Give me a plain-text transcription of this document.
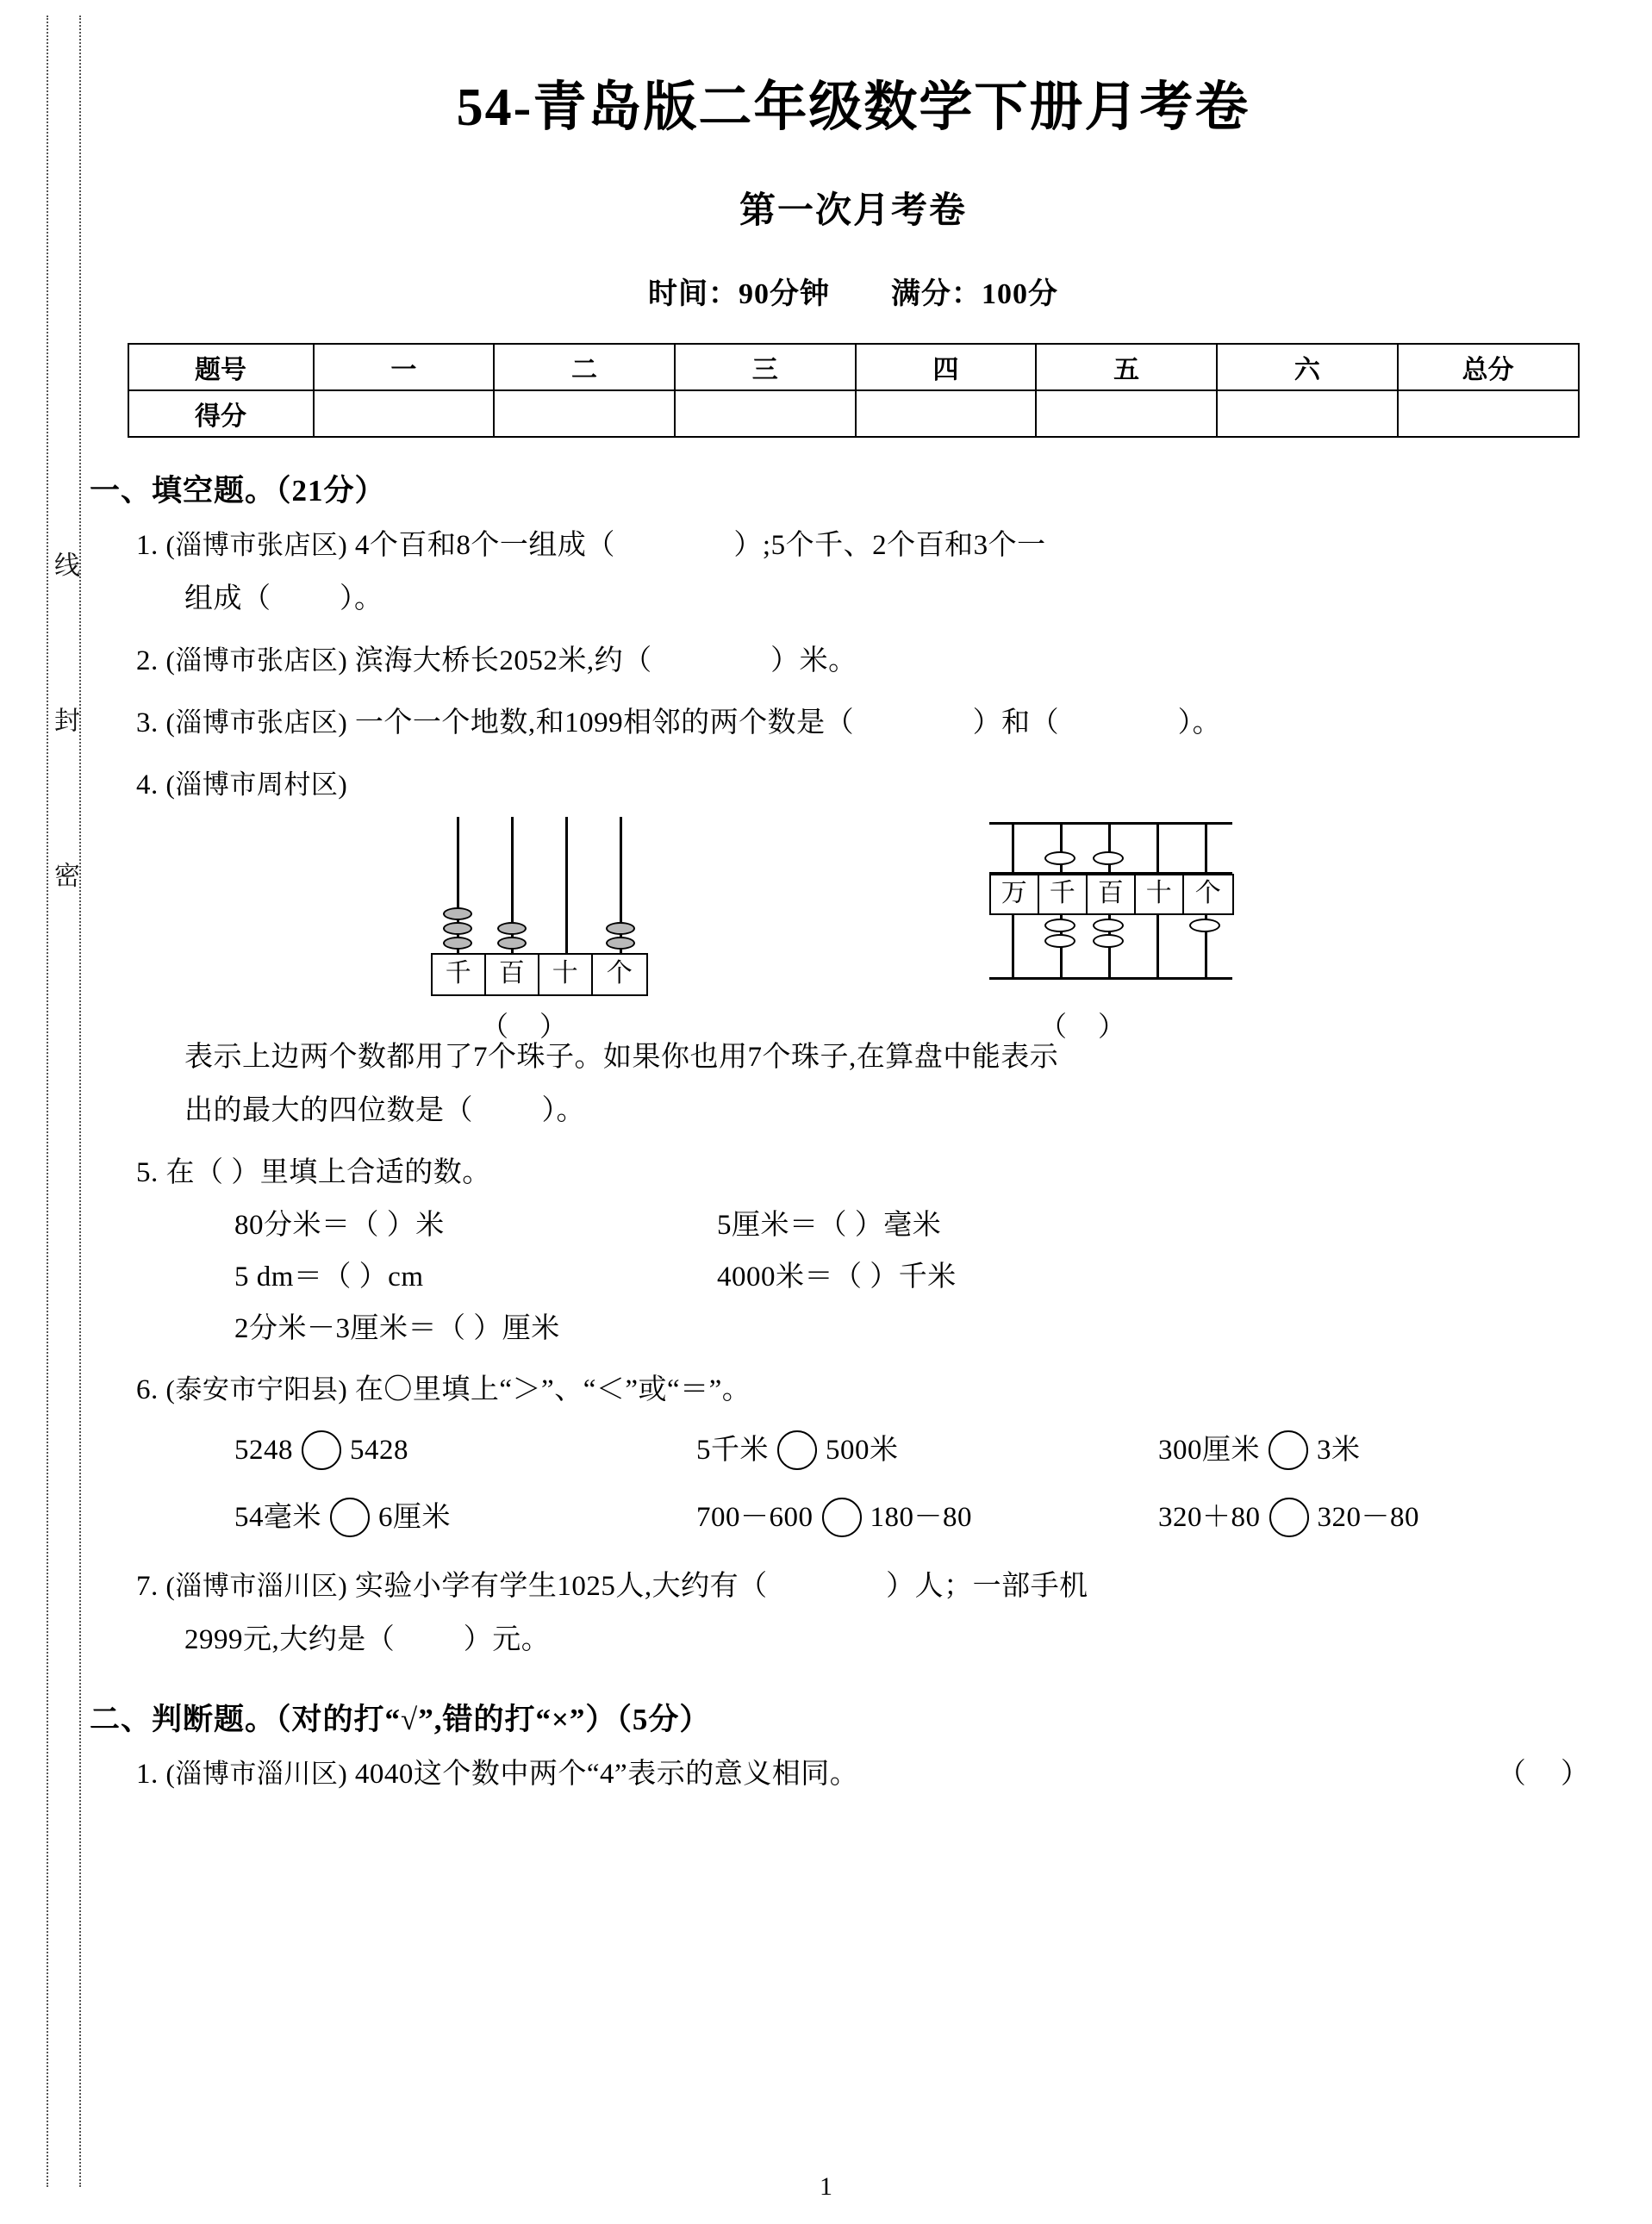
线
封
密
54-青岛版二年级数学下册月考卷
第一次月考卷
时间：90分钟 满分：100分
题号	一	二	三	四	五	六	总分
得分							
一、填空题。（21分）
1. (淄博市张店区) 4个百和8个一组成（	）;5个千、2个百和3个一
组成（ ）。
2. (淄博市张店区) 滨海大桥长2052米,约（	）米。
3. (淄博市张店区) 一个一个地数,和1099相邻的两个数是（	）和（	）。
4. (淄博市周村区)
千	百	十	个
（ ）
万 千 百 十 个
（ ）
表示上边两个数都用了7个珠子。如果你也用7个珠子,在算盘中能表示
出的最大的四位数是（ ）。
5. 在（ ）里填上合适的数。
80分米＝（ ）米	5厘米＝（ ）毫米
5 dm＝（ ）cm	4000米＝（ ）千米
2分米－3厘米＝（ ）厘米
6. (泰安市宁阳县) 在〇里填上“＞”、“＜”或“＝”。
5248 5428	5千米 500米	300厘米 3米
54毫米 6厘米	700－600 180－80	320＋80 320－80
7. (淄博市淄川区) 实验小学有学生1025人,大约有（	）人；一部手机
2999元,大约是（ ）元。
二、判断题。（对的打“√”,错的打“×”）（5分）
1. (淄博市淄川区) 4040这个数中两个“4”表示的意义相同。	（ ）
1
